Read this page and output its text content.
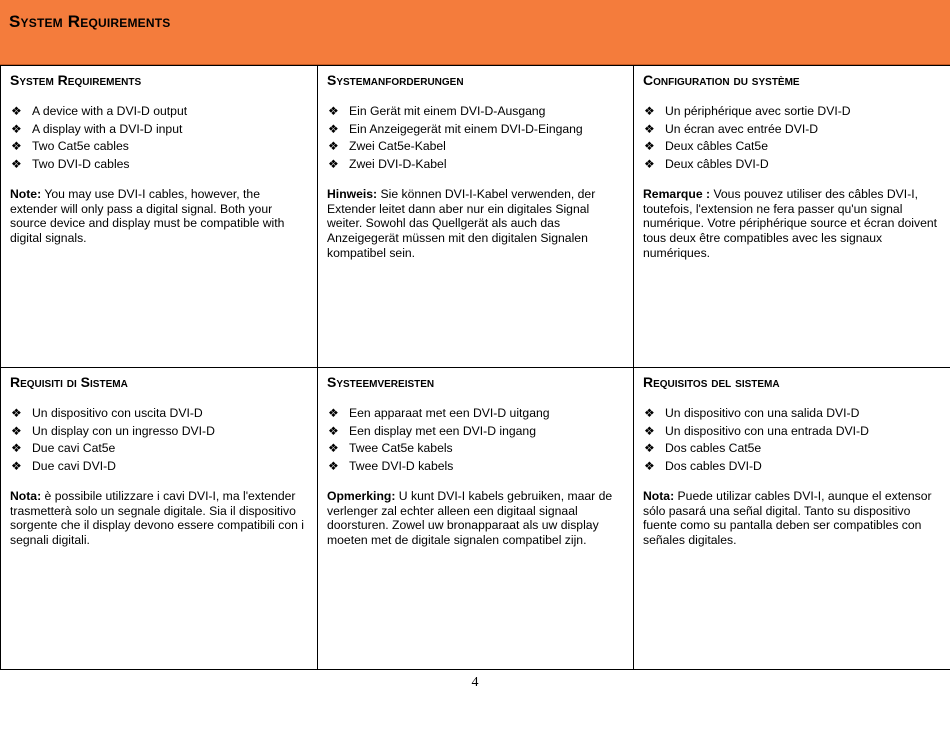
System Requirements
System Requirements
❖ A device with a DVI-D output
❖ A display with a DVI-D input
❖ Two Cat5e cables
❖ Two DVI-D cables

Note: You may use DVI-I cables, however, the extender will only pass a digital signal. Both your source device and display must be compatible with digital signals.

Systemanforderungen
❖ Ein Gerät mit einem DVI-D-Ausgang
❖ Ein Anzeigegerät mit einem DVI-D-Eingang
❖ Zwei Cat5e-Kabel
❖ Zwei DVI-D-Kabel

Hinweis: Sie können DVI-I-Kabel verwenden, der Extender leitet dann aber nur ein digitales Signal weiter. Sowohl das Quellgerät als auch das Anzeigegerät müssen mit den digitalen Signalen kompatibel sein.

Configuration du système
❖ Un périphérique avec sortie DVI-D
❖ Un écran avec entrée DVI-D
❖ Deux câbles Cat5e
❖ Deux câbles DVI-D

Remarque : Vous pouvez utiliser des câbles DVI-I, toutefois, l'extension ne fera passer qu'un signal numérique. Votre périphérique source et écran doivent tous deux être compatibles avec les signaux numériques.

Requisiti di Sistema
❖ Un dispositivo con uscita DVI-D
❖ Un display con un ingresso DVI-D
❖ Due cavi Cat5e
❖ Due cavi DVI-D

Nota: è possibile utilizzare i cavi DVI-I, ma l'extender trasmetterà solo un segnale digitale. Sia il dispositivo sorgente che il display devono essere compatibili con i segnali digitali.

Systeemvereisten
❖ Een apparaat met een DVI-D uitgang
❖ Een display met een DVI-D ingang
❖ Twee Cat5e kabels
❖ Twee DVI-D kabels

Opmerking: U kunt DVI-I kabels gebruiken, maar de verlenger zal echter alleen een digitaal signaal doorsturen. Zowel uw bronapparaat als uw display moeten met de digitale signalen compatibel zijn.

Requisitos del sistema
❖ Un dispositivo con una salida DVI-D
❖ Un dispositivo con una entrada DVI-D
❖ Dos cables Cat5e
❖ Dos cables DVI-D

Nota: Puede utilizar cables DVI-I, aunque el extensor sólo pasará una señal digital. Tanto su dispositivo fuente como su pantalla deben ser compatibles con señales digitales.

4
